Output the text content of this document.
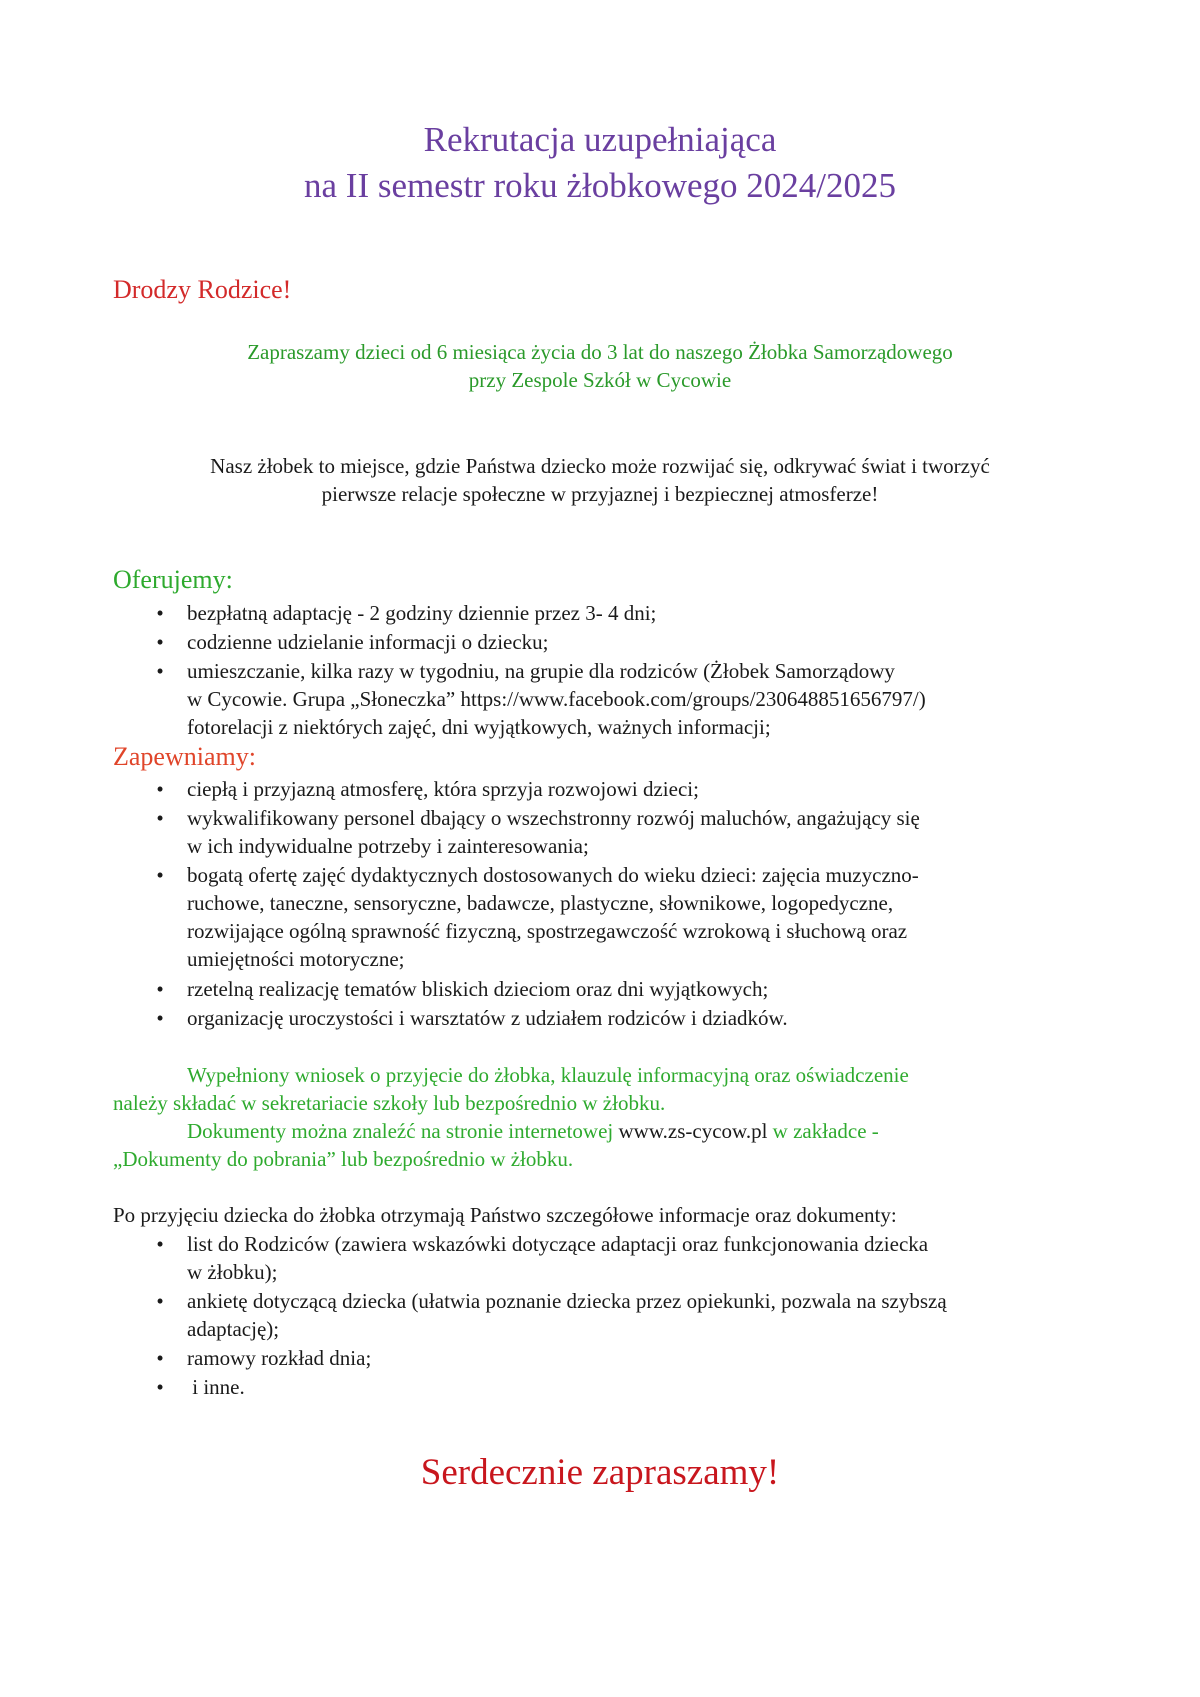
Rekrutacja uzupełniająca
na II semestr roku żłobkowego 2024/2025
Drodzy Rodzice!
Zapraszamy dzieci od 6 miesiąca życia do 3 lat do naszego Żłobka Samorządowego
przy Zespole Szkół w Cycowie
Nasz żłobek to miejsce, gdzie Państwa dziecko może rozwijać się, odkrywać świat i tworzyć
pierwsze relacje społeczne w przyjaznej i bezpiecznej atmosferze!
Oferujemy:
•	bezpłatną adaptację - 2 godziny dziennie przez 3- 4 dni;
•	codzienne udzielanie informacji o dziecku;
•	umieszczanie, kilka razy w tygodniu, na grupie dla rodziców (Żłobek Samorządowy
w Cycowie. Grupa „Słoneczka” https://www.facebook.com/groups/230648851656797/)
fotorelacji z niektórych zajęć, dni wyjątkowych, ważnych informacji;
Zapewniamy:
•	ciepłą i przyjazną atmosferę, która sprzyja rozwojowi dzieci;
•	wykwalifikowany personel dbający o wszechstronny rozwój maluchów, angażujący się
w ich indywidualne potrzeby i zainteresowania;
•	bogatą ofertę zajęć dydaktycznych dostosowanych do wieku dzieci: zajęcia muzyczno-
ruchowe, taneczne, sensoryczne, badawcze, plastyczne, słownikowe, logopedyczne,
rozwijające ogólną sprawność fizyczną, spostrzegawczość wzrokową i słuchową oraz
umiejętności motoryczne;
•	rzetelną realizację tematów bliskich dzieciom oraz dni wyjątkowych;
•	organizację uroczystości i warsztatów z udziałem rodziców i dziadków.
Wypełniony wniosek o przyjęcie do żłobka, klauzulę informacyjną oraz oświadczenie
należy składać w sekretariacie szkoły lub bezpośrednio w żłobku.
Dokumenty można znaleźć na stronie internetowej www.zs-cycow.pl w zakładce -
„Dokumenty do pobrania” lub bezpośrednio w żłobku.
Po przyjęciu dziecka do żłobka otrzymają Państwo szczegółowe informacje oraz dokumenty:
•	list do Rodziców (zawiera wskazówki dotyczące adaptacji oraz funkcjonowania dziecka
w żłobku);
•	ankietę dotyczącą dziecka (ułatwia poznanie dziecka przez opiekunki, pozwala na szybszą
adaptację);
•	ramowy rozkład dnia;
•	i inne.
Serdecznie zapraszamy!
